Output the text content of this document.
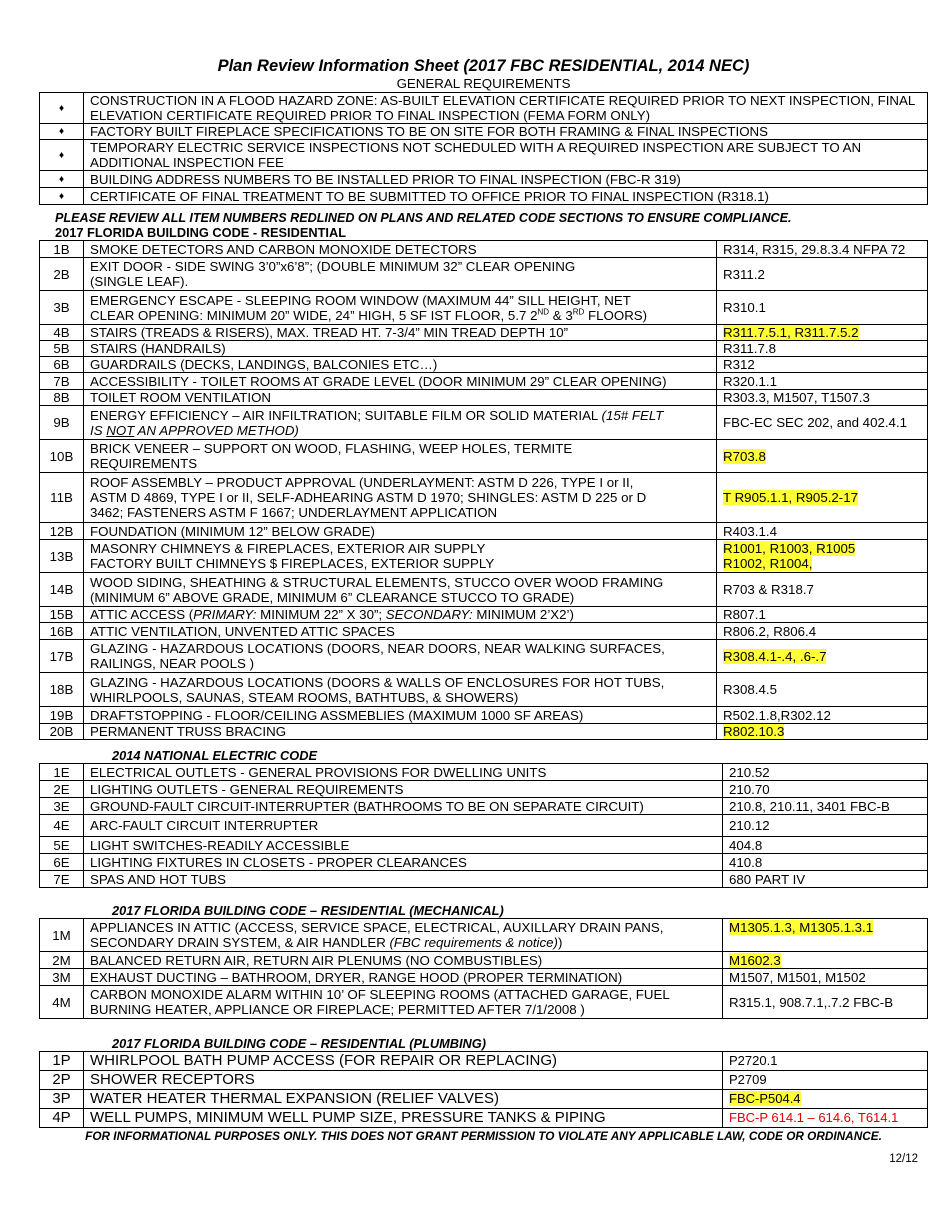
Plan Review Information Sheet (2017 FBC RESIDENTIAL, 2014 NEC)
GENERAL REQUIREMENTS
♦	CONSTRUCTION IN A FLOOD HAZARD ZONE: AS-BUILT ELEVATION CERTIFICATE REQUIRED PRIOR TO NEXT INSPECTION, FINAL ELEVATION CERTIFICATE REQUIRED PRIOR TO FINAL INSPECTION (FEMA FORM ONLY)
♦	FACTORY BUILT FIREPLACE SPECIFICATIONS TO BE ON SITE FOR BOTH FRAMING & FINAL INSPECTIONS
♦	TEMPORARY ELECTRIC SERVICE INSPECTIONS NOT SCHEDULED WITH A REQUIRED INSPECTION ARE SUBJECT TO AN ADDITIONAL INSPECTION FEE
♦	BUILDING ADDRESS NUMBERS TO BE INSTALLED PRIOR TO FINAL INSPECTION (FBC-R 319)
♦	CERTIFICATE OF FINAL TREATMENT TO BE SUBMITTED TO OFFICE PRIOR TO FINAL INSPECTION (R318.1)
PLEASE REVIEW ALL ITEM NUMBERS REDLINED ON PLANS AND RELATED CODE SECTIONS TO ENSURE COMPLIANCE.
2017 FLORIDA BUILDING CODE - RESIDENTIAL
1B	SMOKE DETECTORS AND CARBON MONOXIDE DETECTORS	R314, R315, 29.8.3.4 NFPA 72
2B	EXIT DOOR - SIDE SWING 3’0”x6’8”; (DOUBLE MINIMUM 32” CLEAR OPENING
(SINGLE LEAF).	R311.2
3B	EMERGENCY ESCAPE - SLEEPING ROOM WINDOW (MAXIMUM 44” SILL HEIGHT, NET
CLEAR OPENING: MINIMUM 20” WIDE, 24” HIGH, 5 SF IST FLOOR, 5.7 2ND & 3RD FLOORS)	R310.1
4B	STAIRS (TREADS & RISERS), MAX. TREAD HT. 7-3/4” MIN TREAD DEPTH 10”	R311.7.5.1, R311.7.5.2
5B	STAIRS (HANDRAILS)	R311.7.8
6B	GUARDRAILS (DECKS, LANDINGS, BALCONIES ETC…)	R312
7B	ACCESSIBILITY - TOILET ROOMS AT GRADE LEVEL (DOOR MINIMUM 29” CLEAR OPENING)	R320.1.1
8B	TOILET ROOM VENTILATION	R303.3, M1507, T1507.3
9B	ENERGY EFFICIENCY – AIR INFILTRATION; SUITABLE FILM OR SOLID MATERIAL (15# FELT
IS NOT AN APPROVED METHOD)	FBC-EC SEC 202, and 402.4.1
10B	BRICK VENEER – SUPPORT ON WOOD, FLASHING, WEEP HOLES, TERMITE
REQUIREMENTS	R703.8
11B	ROOF ASSEMBLY – PRODUCT APPROVAL (UNDERLAYMENT: ASTM D 226, TYPE I or II,
ASTM D 4869, TYPE I or II, SELF-ADHEARING ASTM D 1970; SHINGLES: ASTM D 225 or D
3462; FASTENERS ASTM F 1667; UNDERLAYMENT APPLICATION	T R905.1.1, R905.2-17
12B	FOUNDATION (MINIMUM 12” BELOW GRADE)	R403.1.4
13B	MASONRY CHIMNEYS & FIREPLACES, EXTERIOR AIR SUPPLY
FACTORY BUILT CHIMNEYS $ FIREPLACES, EXTERIOR SUPPLY	R1001, R1003, R1005
R1002, R1004,
14B	WOOD SIDING, SHEATHING & STRUCTURAL ELEMENTS, STUCCO OVER WOOD FRAMING
(MINIMUM 6” ABOVE GRADE, MINIMUM 6” CLEARANCE STUCCO TO GRADE)	R703 & R318.7
15B	ATTIC ACCESS (PRIMARY: MINIMUM 22” X 30”; SECONDARY: MINIMUM 2’X2’)	R807.1
16B	ATTIC VENTILATION, UNVENTED ATTIC SPACES	R806.2, R806.4
17B	GLAZING - HAZARDOUS LOCATIONS (DOORS, NEAR DOORS, NEAR WALKING SURFACES,
RAILINGS, NEAR POOLS )	R308.4.1-.4, .6-.7
18B	GLAZING - HAZARDOUS LOCATIONS (DOORS & WALLS OF ENCLOSURES FOR HOT TUBS,
WHIRLPOOLS, SAUNAS, STEAM ROOMS, BATHTUBS, & SHOWERS)	R308.4.5
19B	DRAFTSTOPPING - FLOOR/CEILING ASSMEBLIES (MAXIMUM 1000 SF AREAS)	R502.1.8,R302.12
20B	PERMANENT TRUSS BRACING	R802.10.3
2014 NATIONAL ELECTRIC CODE
1E	ELECTRICAL OUTLETS - GENERAL PROVISIONS FOR DWELLING UNITS	210.52
2E	LIGHTING OUTLETS - GENERAL REQUIREMENTS	210.70
3E	GROUND-FAULT CIRCUIT-INTERRUPTER (BATHROOMS TO BE ON SEPARATE CIRCUIT)	210.8, 210.11, 3401 FBC-B
4E	ARC-FAULT CIRCUIT INTERRUPTER	210.12
5E	LIGHT SWITCHES-READILY ACCESSIBLE	404.8
6E	LIGHTING FIXTURES IN CLOSETS - PROPER CLEARANCES	410.8
7E	SPAS AND HOT TUBS	680 PART IV
2017 FLORIDA BUILDING CODE – RESIDENTIAL (MECHANICAL)
1M	APPLIANCES IN ATTIC (ACCESS, SERVICE SPACE, ELECTRICAL, AUXILLARY DRAIN PANS,
SECONDARY DRAIN SYSTEM, & AIR HANDLER (FBC requirements & notice))	M1305.1.3, M1305.1.3.1
2M	BALANCED RETURN AIR, RETURN AIR PLENUMS (NO COMBUSTIBLES)	M1602.3
3M	EXHAUST DUCTING – BATHROOM, DRYER, RANGE HOOD (PROPER TERMINATION)	M1507, M1501, M1502
4M	CARBON MONOXIDE ALARM WITHIN 10’ OF SLEEPING ROOMS (ATTACHED GARAGE, FUEL
BURNING HEATER, APPLIANCE OR FIREPLACE; PERMITTED AFTER 7/1/2008 )	R315.1, 908.7.1,.7.2 FBC-B
2017 FLORIDA BUILDING CODE – RESIDENTIAL (PLUMBING)
1P	WHIRLPOOL BATH PUMP ACCESS (FOR REPAIR OR REPLACING)	P2720.1
2P	SHOWER RECEPTORS	P2709
3P	WATER HEATER THERMAL EXPANSION (RELIEF VALVES)	FBC-P504.4
4P	WELL PUMPS, MINIMUM WELL PUMP SIZE, PRESSURE TANKS & PIPING	FBC-P 614.1 – 614.6, T614.1
FOR INFORMATIONAL PURPOSES ONLY. THIS DOES NOT GRANT PERMISSION TO VIOLATE ANY APPLICABLE LAW, CODE OR ORDINANCE.
12/12
